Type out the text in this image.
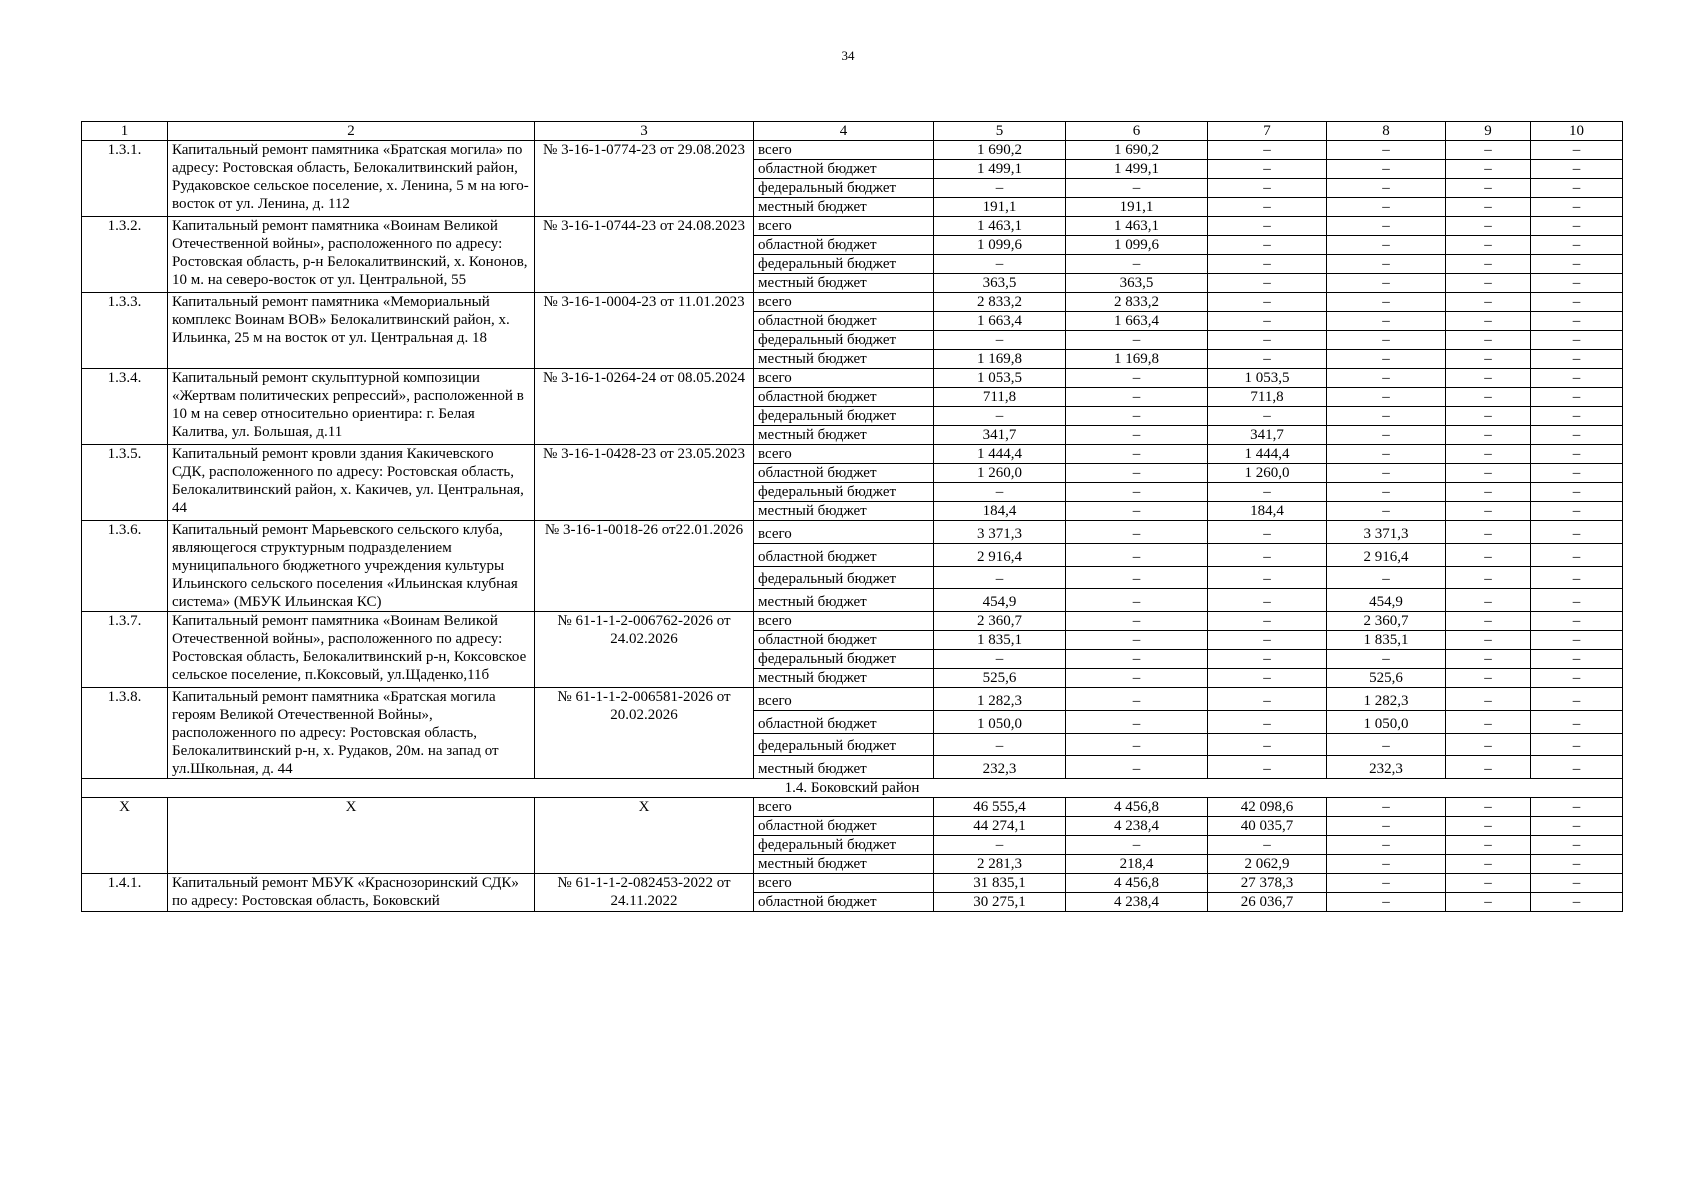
34
1	2	3	4	5	6	7	8	9	10
1.3.1.	Капитальный ремонт памятника «Братская могила» по адресу: Ростовская область, Белокалитвинский район, Рудаковское сельское поселение, х. Ленина, 5 м на юго-восток от ул. Ленина, д. 112	№ 3-16-1-0774-23 от 29.08.2023	всего	1 690,2	1 690,2	–	–	–	–
			областной бюджет	1 499,1	1 499,1	–	–	–	–
			федеральный бюджет	–	–	–	–	–	–
			местный бюджет	191,1	191,1	–	–	–	–
1.3.2.	Капитальный ремонт памятника «Воинам Великой Отечественной войны», расположенного по адресу: Ростовская область, р-н Белокалитвинский, х. Кононов, 10 м. на северо-восток от ул. Центральной, 55	№ 3-16-1-0744-23 от 24.08.2023	всего	1 463,1	1 463,1	–	–	–	–
			областной бюджет	1 099,6	1 099,6	–	–	–	–
			федеральный бюджет	–	–	–	–	–	–
			местный бюджет	363,5	363,5	–	–	–	–
1.3.3.	Капитальный ремонт памятника «Мемориальный комплекс Воинам ВОВ» Белокалитвинский район, х. Ильинка, 25 м на восток от ул. Центральная д. 18	№ 3-16-1-0004-23 от 11.01.2023	всего	2 833,2	2 833,2	–	–	–	–
			областной бюджет	1 663,4	1 663,4	–	–	–	–
			федеральный бюджет	–	–	–	–	–	–
			местный бюджет	1 169,8	1 169,8	–	–	–	–
1.3.4.	Капитальный ремонт скульптурной композиции «Жертвам политических репрессий», расположенной в 10 м на север относительно ориентира: г. Белая Калитва, ул. Большая, д.11	№ 3-16-1-0264-24 от 08.05.2024	всего	1 053,5	–	1 053,5	–	–	–
			областной бюджет	711,8	–	711,8	–	–	–
			федеральный бюджет	–	–	–	–	–	–
			местный бюджет	341,7	–	341,7	–	–	–
1.3.5.	Капитальный ремонт кровли здания Какичевского СДК, расположенного по адресу: Ростовская область, Белокалитвинский район, х. Какичев, ул. Центральная, 44	№ 3-16-1-0428-23 от 23.05.2023	всего	1 444,4	–	1 444,4	–	–	–
			областной бюджет	1 260,0	–	1 260,0	–	–	–
			федеральный бюджет	–	–	–	–	–	–
			местный бюджет	184,4	–	184,4	–	–	–
1.3.6.	Капитальный ремонт Марьевского сельского клуба, являющегося структурным подразделением муниципального бюджетного учреждения культуры Ильинского сельского поселения «Ильинская клубная система» (МБУК Ильинская КС)	№ 3-16-1-0018-26 от22.01.2026	всего	3 371,3	–	–	3 371,3	–	–
			областной бюджет	2 916,4	–	–	2 916,4	–	–
			федеральный бюджет	–	–	–	–	–	–
			местный бюджет	454,9	–	–	454,9	–	–
1.3.7.	Капитальный ремонт памятника «Воинам Великой Отечественной войны», расположенного по адресу: Ростовская область, Белокалитвинский р-н, Коксовское сельское поселение, п.Коксовый, ул.Щаденко,11б	№ 61-1-1-2-006762-2026 от 24.02.2026	всего	2 360,7	–	–	2 360,7	–	–
			областной бюджет	1 835,1	–	–	1 835,1	–	–
			федеральный бюджет	–	–	–	–	–	–
			местный бюджет	525,6	–	–	525,6	–	–
1.3.8.	Капитальный ремонт памятника «Братская могила героям Великой Отечественной Войны», расположенного по адресу: Ростовская область, Белокалитвинский р-н, х. Рудаков, 20м. на запад от ул.Школьная, д. 44	№ 61-1-1-2-006581-2026 от 20.02.2026	всего	1 282,3	–	–	1 282,3	–	–
			областной бюджет	1 050,0	–	–	1 050,0	–	–
			федеральный бюджет	–	–	–	–	–	–
			местный бюджет	232,3	–	–	232,3	–	–
1.4. Боковский район									
Х	Х	Х	всего	46 555,4	4 456,8	42 098,6	–	–	–
			областной бюджет	44 274,1	4 238,4	40 035,7	–	–	–
			федеральный бюджет	–	–	–	–	–	–
			местный бюджет	2 281,3	218,4	2 062,9	–	–	–
1.4.1.	Капитальный ремонт МБУК «Краснозоринский СДК» по адресу: Ростовская область, Боковский	№ 61-1-1-2-082453-2022 от 24.11.2022	всего	31 835,1	4 456,8	27 378,3	–	–	–
			областной бюджет	30 275,1	4 238,4	26 036,7	–	–	–
